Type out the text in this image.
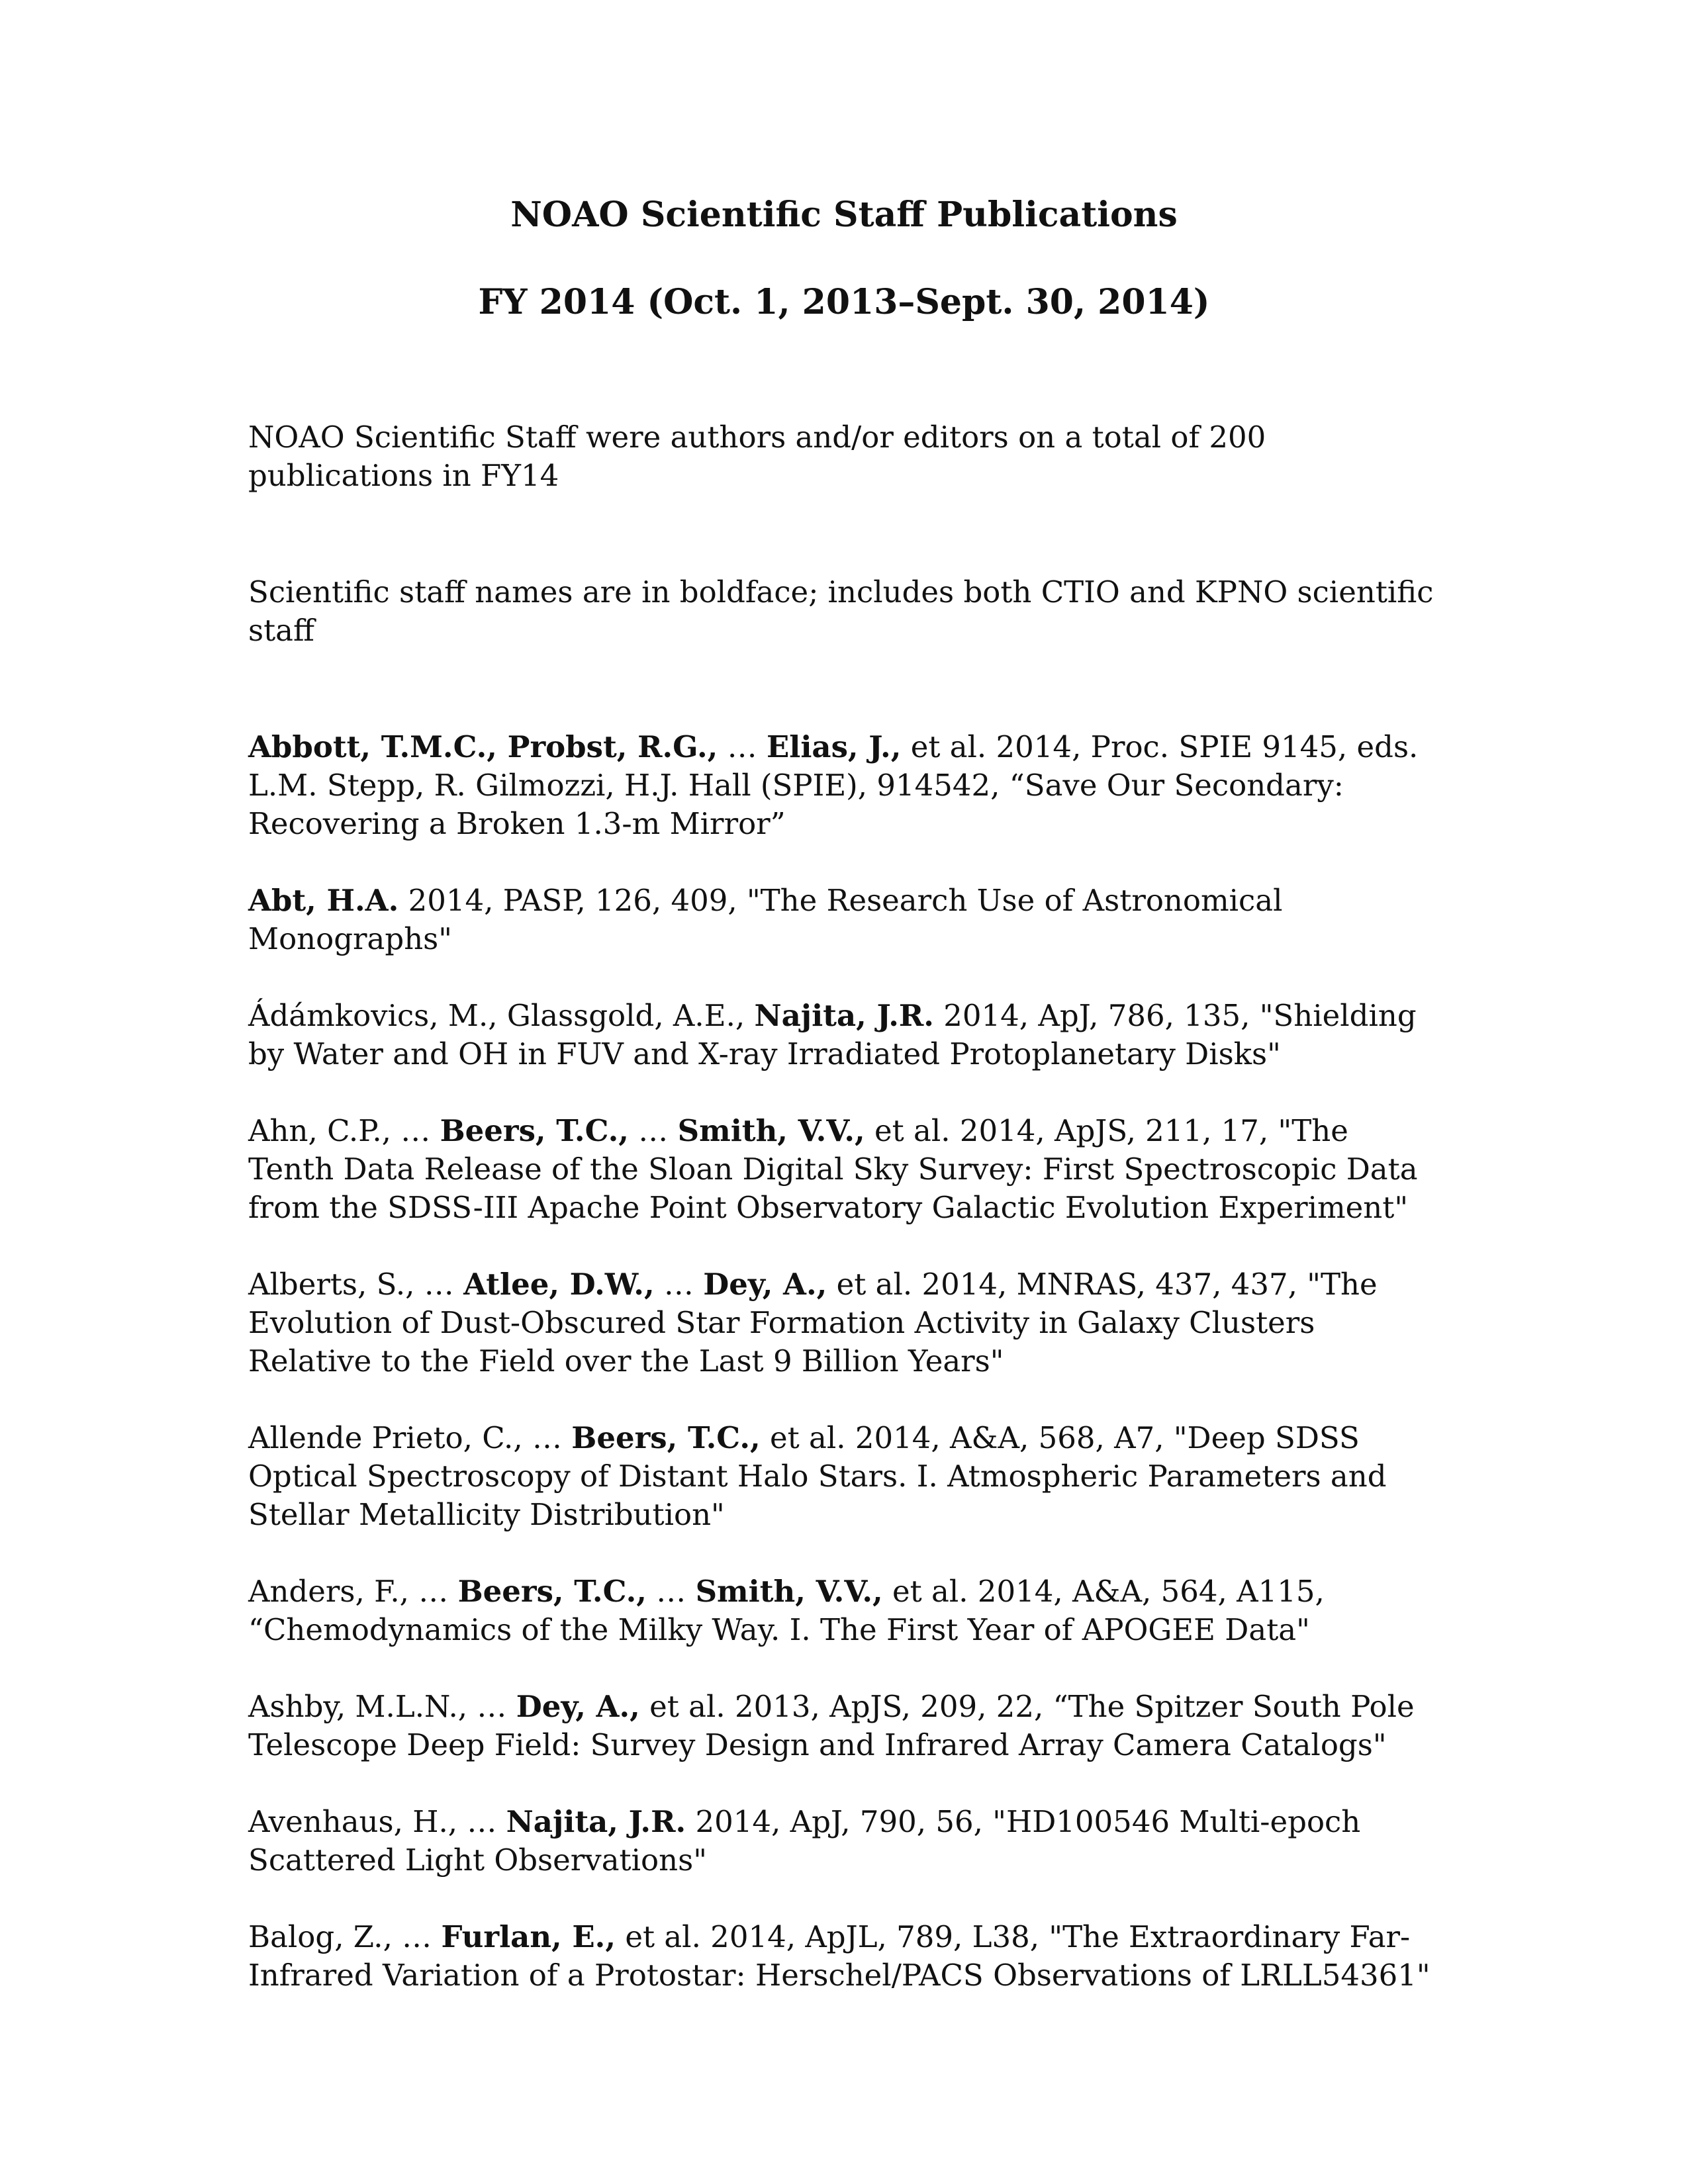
NOAO Scientific Staff Publications
FY 2014 (Oct. 1, 2013–Sept. 30, 2014)

NOAO Scientific Staff were authors and/or editors on a total of 200 publications in FY14

Scientific staff names are in boldface; includes both CTIO and KPNO scientific staff

Abbott, T.M.C., Probst, R.G., … Elias, J., et al. 2014, Proc. SPIE 9145, eds. L.M. Stepp, R. Gilmozzi, H.J. Hall (SPIE), 914542, “Save Our Secondary: Recovering a Broken 1.3-m Mirror”

Abt, H.A. 2014, PASP, 126, 409, "The Research Use of Astronomical Monographs"

Ádámkovics, M., Glassgold, A.E., Najita, J.R. 2014, ApJ, 786, 135, "Shielding by Water and OH in FUV and X-ray Irradiated Protoplanetary Disks"

Ahn, C.P., … Beers, T.C., … Smith, V.V., et al. 2014, ApJS, 211, 17, "The Tenth Data Release of the Sloan Digital Sky Survey: First Spectroscopic Data from the SDSS-III Apache Point Observatory Galactic Evolution Experiment"

Alberts, S., … Atlee, D.W., … Dey, A., et al. 2014, MNRAS, 437, 437, "The Evolution of Dust-Obscured Star Formation Activity in Galaxy Clusters Relative to the Field over the Last 9 Billion Years"

Allende Prieto, C., … Beers, T.C., et al. 2014, A&A, 568, A7, "Deep SDSS Optical Spectroscopy of Distant Halo Stars. I. Atmospheric Parameters and Stellar Metallicity Distribution"

Anders, F., … Beers, T.C., … Smith, V.V., et al. 2014, A&A, 564, A115, “Chemodynamics of the Milky Way. I. The First Year of APOGEE Data"

Ashby, M.L.N., … Dey, A., et al. 2013, ApJS, 209, 22, “The Spitzer South Pole Telescope Deep Field: Survey Design and Infrared Array Camera Catalogs"

Avenhaus, H., … Najita, J.R. 2014, ApJ, 790, 56, "HD100546 Multi-epoch Scattered Light Observations"

Balog, Z., … Furlan, E., et al. 2014, ApJL, 789, L38, "The Extraordinary Far-Infrared Variation of a Protostar: Herschel/PACS Observations of LRLL54361"
